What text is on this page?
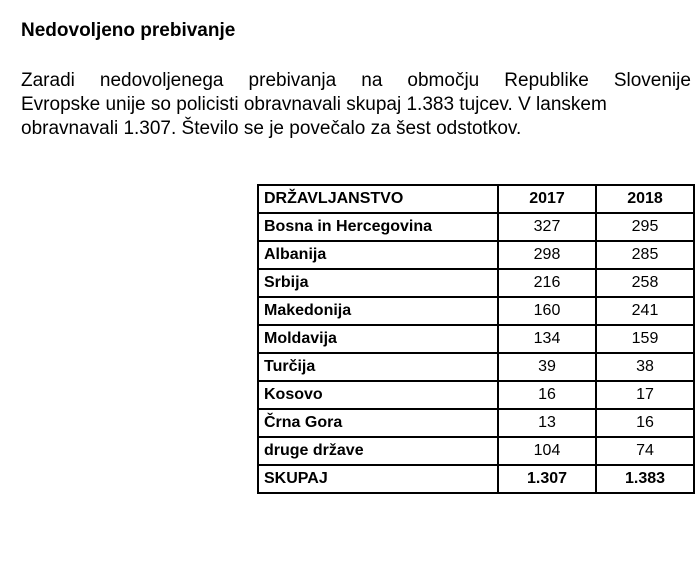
Nedovoljeno prebivanje
Zaradi nedovoljenega prebivanja na območju Republike Slovenije
Evropske unije so policisti obravnavali skupaj 1.383 tujcev. V lanskem
obravnavali 1.307. Število se je povečalo za šest odstotkov.
DRŽAVLJANSTVO	2017	2018
Bosna in Hercegovina	327	295
Albanija	298	285
Srbija	216	258
Makedonija	160	241
Moldavija	134	159
Turčija	39	38
Kosovo	16	17
Črna Gora	13	16
druge države	104	74
SKUPAJ	1.307	1.383
